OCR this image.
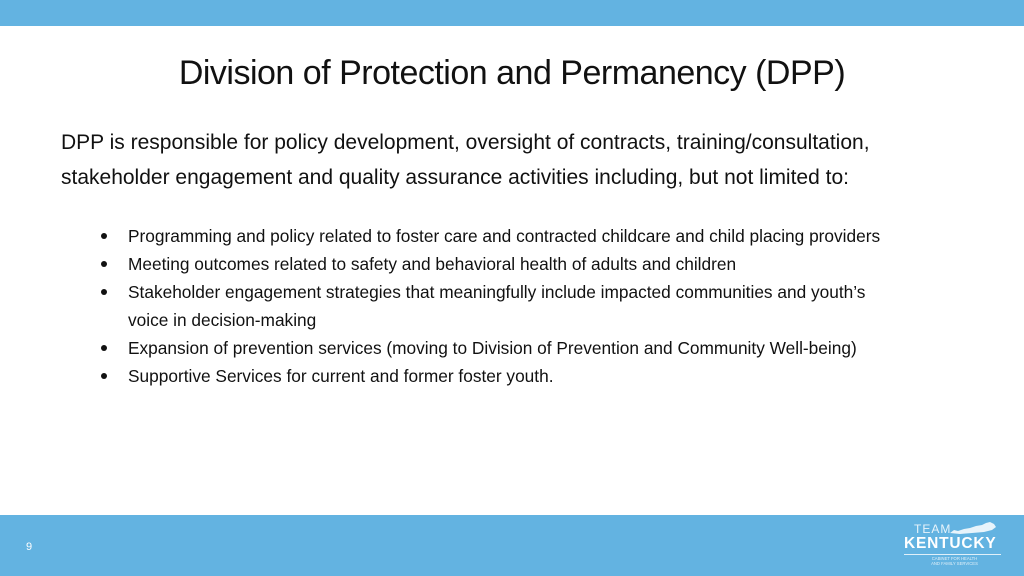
Division of Protection and Permanency (DPP)

DPP is responsible for policy development, oversight of contracts, training/consultation, stakeholder engagement and quality assurance activities including, but not limited to:

Programming and policy related to foster care and contracted childcare and child placing providers
Meeting outcomes related to safety and behavioral health of adults and children
Stakeholder engagement strategies that meaningfully include impacted communities and youth’s voice in decision-making
Expansion of prevention services (moving to Division of Prevention and Community Well-being)
Supportive Services for current and former foster youth.
9
TEAM
KENTUCKY
CABINET FOR HEALTH
AND FAMILY SERVICES
